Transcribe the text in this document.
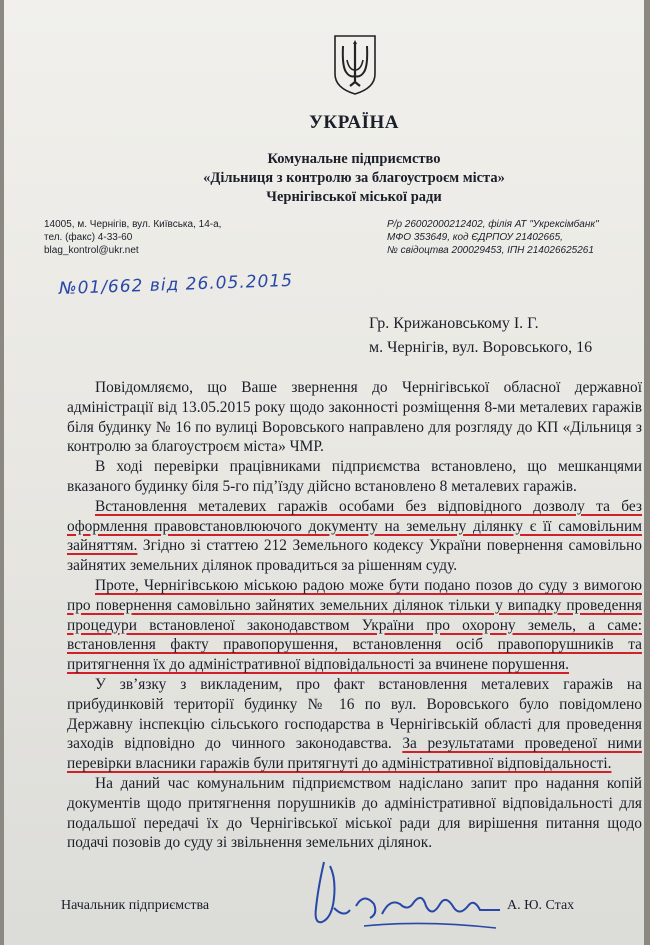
УКРАЇНА
Комунальне підприємство
«Дільниця з контролю за благоустроєм міста»
Чернігівської міської ради
14005, м. Чернігів, вул. Київська, 14-а,
тел. (факс) 4-33-60
blag_kontrol@ukr.net
Р/р 26002000212402, філія АТ "Укрексімбанк"
МФО 353649, код ЄДРПОУ 21402665,
№ свідоцтва 200029453, ІПН 214026625261
№01/662 від 26.05.2015
Гр. Крижановському І. Г.
м. Чернігів, вул. Воровського, 16

Повідомляємо, що Ваше звернення до Чернігівської обласної державної адміністрації від 13.05.2015 року щодо законності розміщення 8-ми металевих гаражів біля будинку № 16 по вулиці Воровського направлено для розгляду до КП «Дільниця з контролю за благоустроєм міста» ЧМР.

В ході перевірки працівниками підприємства встановлено, що мешканцями вказаного будинку біля 5-го під’їзду дійсно встановлено 8 металевих гаражів.

Встановлення металевих гаражів особами без відповідного дозволу та без оформлення правовстановлюючого документу на земельну ділянку є її самовільним зайняттям. Згідно зі статтею 212 Земельного кодексу України повернення самовільно зайнятих земельних ділянок провадиться за рішенням суду.

Проте, Чернігівською міською радою може бути подано позов до суду з вимогою про повернення самовільно зайнятих земельних ділянок тільки у випадку проведення процедури встановленої законодавством України про охорону земель, а саме: встановлення факту правопорушення, встановлення осіб правопорушників та притягнення їх до адміністративної відповідальності за вчинене порушення.

У зв’язку з викладеним, про факт встановлення металевих гаражів на прибудинковій території будинку № 16 по вул. Воровського було повідомлено Державну інспекцію сільського господарства в Чернігівській області для проведення заходів відповідно до чинного законодавства. За результатами проведеної ними перевірки власники гаражів були притягнуті до адміністративної відповідальності.

На даний час комунальним підприємством надіслано запит про надання копій документів щодо притягнення порушників до адміністративної відповідальності для подальшої передачі їх до Чернігівської міської ради для вирішення питання щодо подачі позовів до суду зі звільнення земельних ділянок.

Начальник підприємства	А. Ю. Стах
